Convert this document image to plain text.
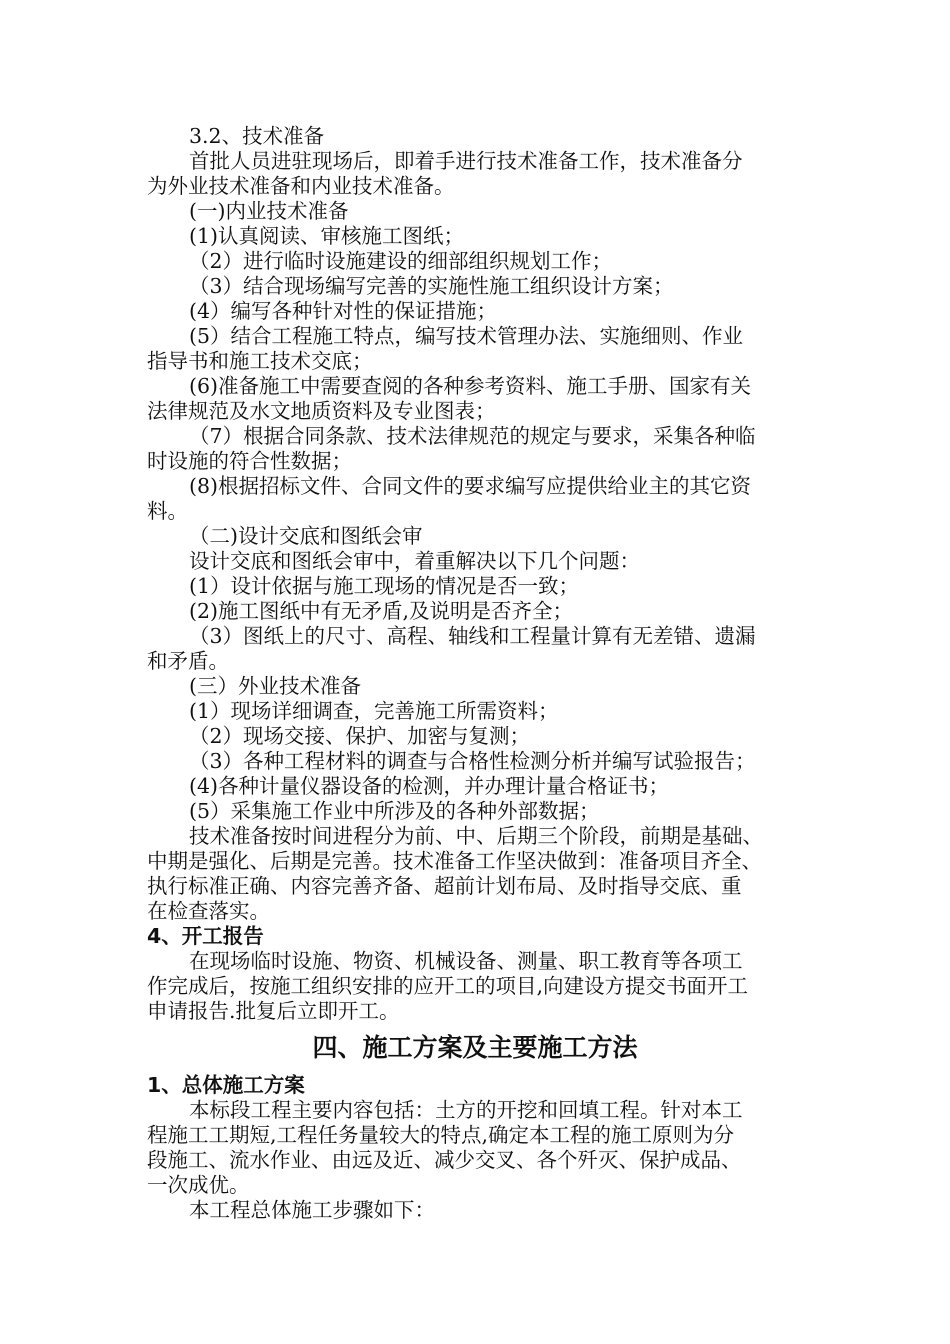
3.2、技术准备
首批人员进驻现场后，即着手进行技术准备工作，技术准备分
为外业技术准备和内业技术准备。
(一)内业技术准备
(1)认真阅读、审核施工图纸；
（2）进行临时设施建设的细部组织规划工作；
（3）结合现场编写完善的实施性施工组织设计方案；
(4）编写各种针对性的保证措施；
(5）结合工程施工特点，编写技术管理办法、实施细则、作业
指导书和施工技术交底；
(6)准备施工中需要查阅的各种参考资料、施工手册、国家有关
法律规范及水文地质资料及专业图表；
（7）根据合同条款、技术法律规范的规定与要求，采集各种临
时设施的符合性数据；
(8)根据招标文件、合同文件的要求编写应提供给业主的其它资
料。
（二)设计交底和图纸会审
设计交底和图纸会审中，着重解决以下几个问题：
(1）设计依据与施工现场的情况是否一致；
(2)施工图纸中有无矛盾,及说明是否齐全；
（3）图纸上的尺寸、高程、轴线和工程量计算有无差错、遗漏
和矛盾。
(三）外业技术准备
(1）现场详细调查，完善施工所需资料；
（2）现场交接、保护、加密与复测；
（3）各种工程材料的调查与合格性检测分析并编写试验报告；
(4)各种计量仪器设备的检测，并办理计量合格证书；
(5）采集施工作业中所涉及的各种外部数据；
技术准备按时间进程分为前、中、后期三个阶段，前期是基础、
中期是强化、后期是完善。技术准备工作坚决做到：准备项目齐全、
执行标准正确、内容完善齐备、超前计划布局、及时指导交底、重
在检查落实。
4、开工报告
在现场临时设施、物资、机械设备、测量、职工教育等各项工
作完成后，按施工组织安排的应开工的项目,向建设方提交书面开工
申请报告.批复后立即开工。
四、施工方案及主要施工方法
1、总体施工方案
本标段工程主要内容包括：土方的开挖和回填工程。针对本工
程施工工期短,工程任务量较大的特点,确定本工程的施工原则为分
段施工、流水作业、由远及近、减少交叉、各个歼灭、保护成品、
一次成优。
本工程总体施工步骤如下：
